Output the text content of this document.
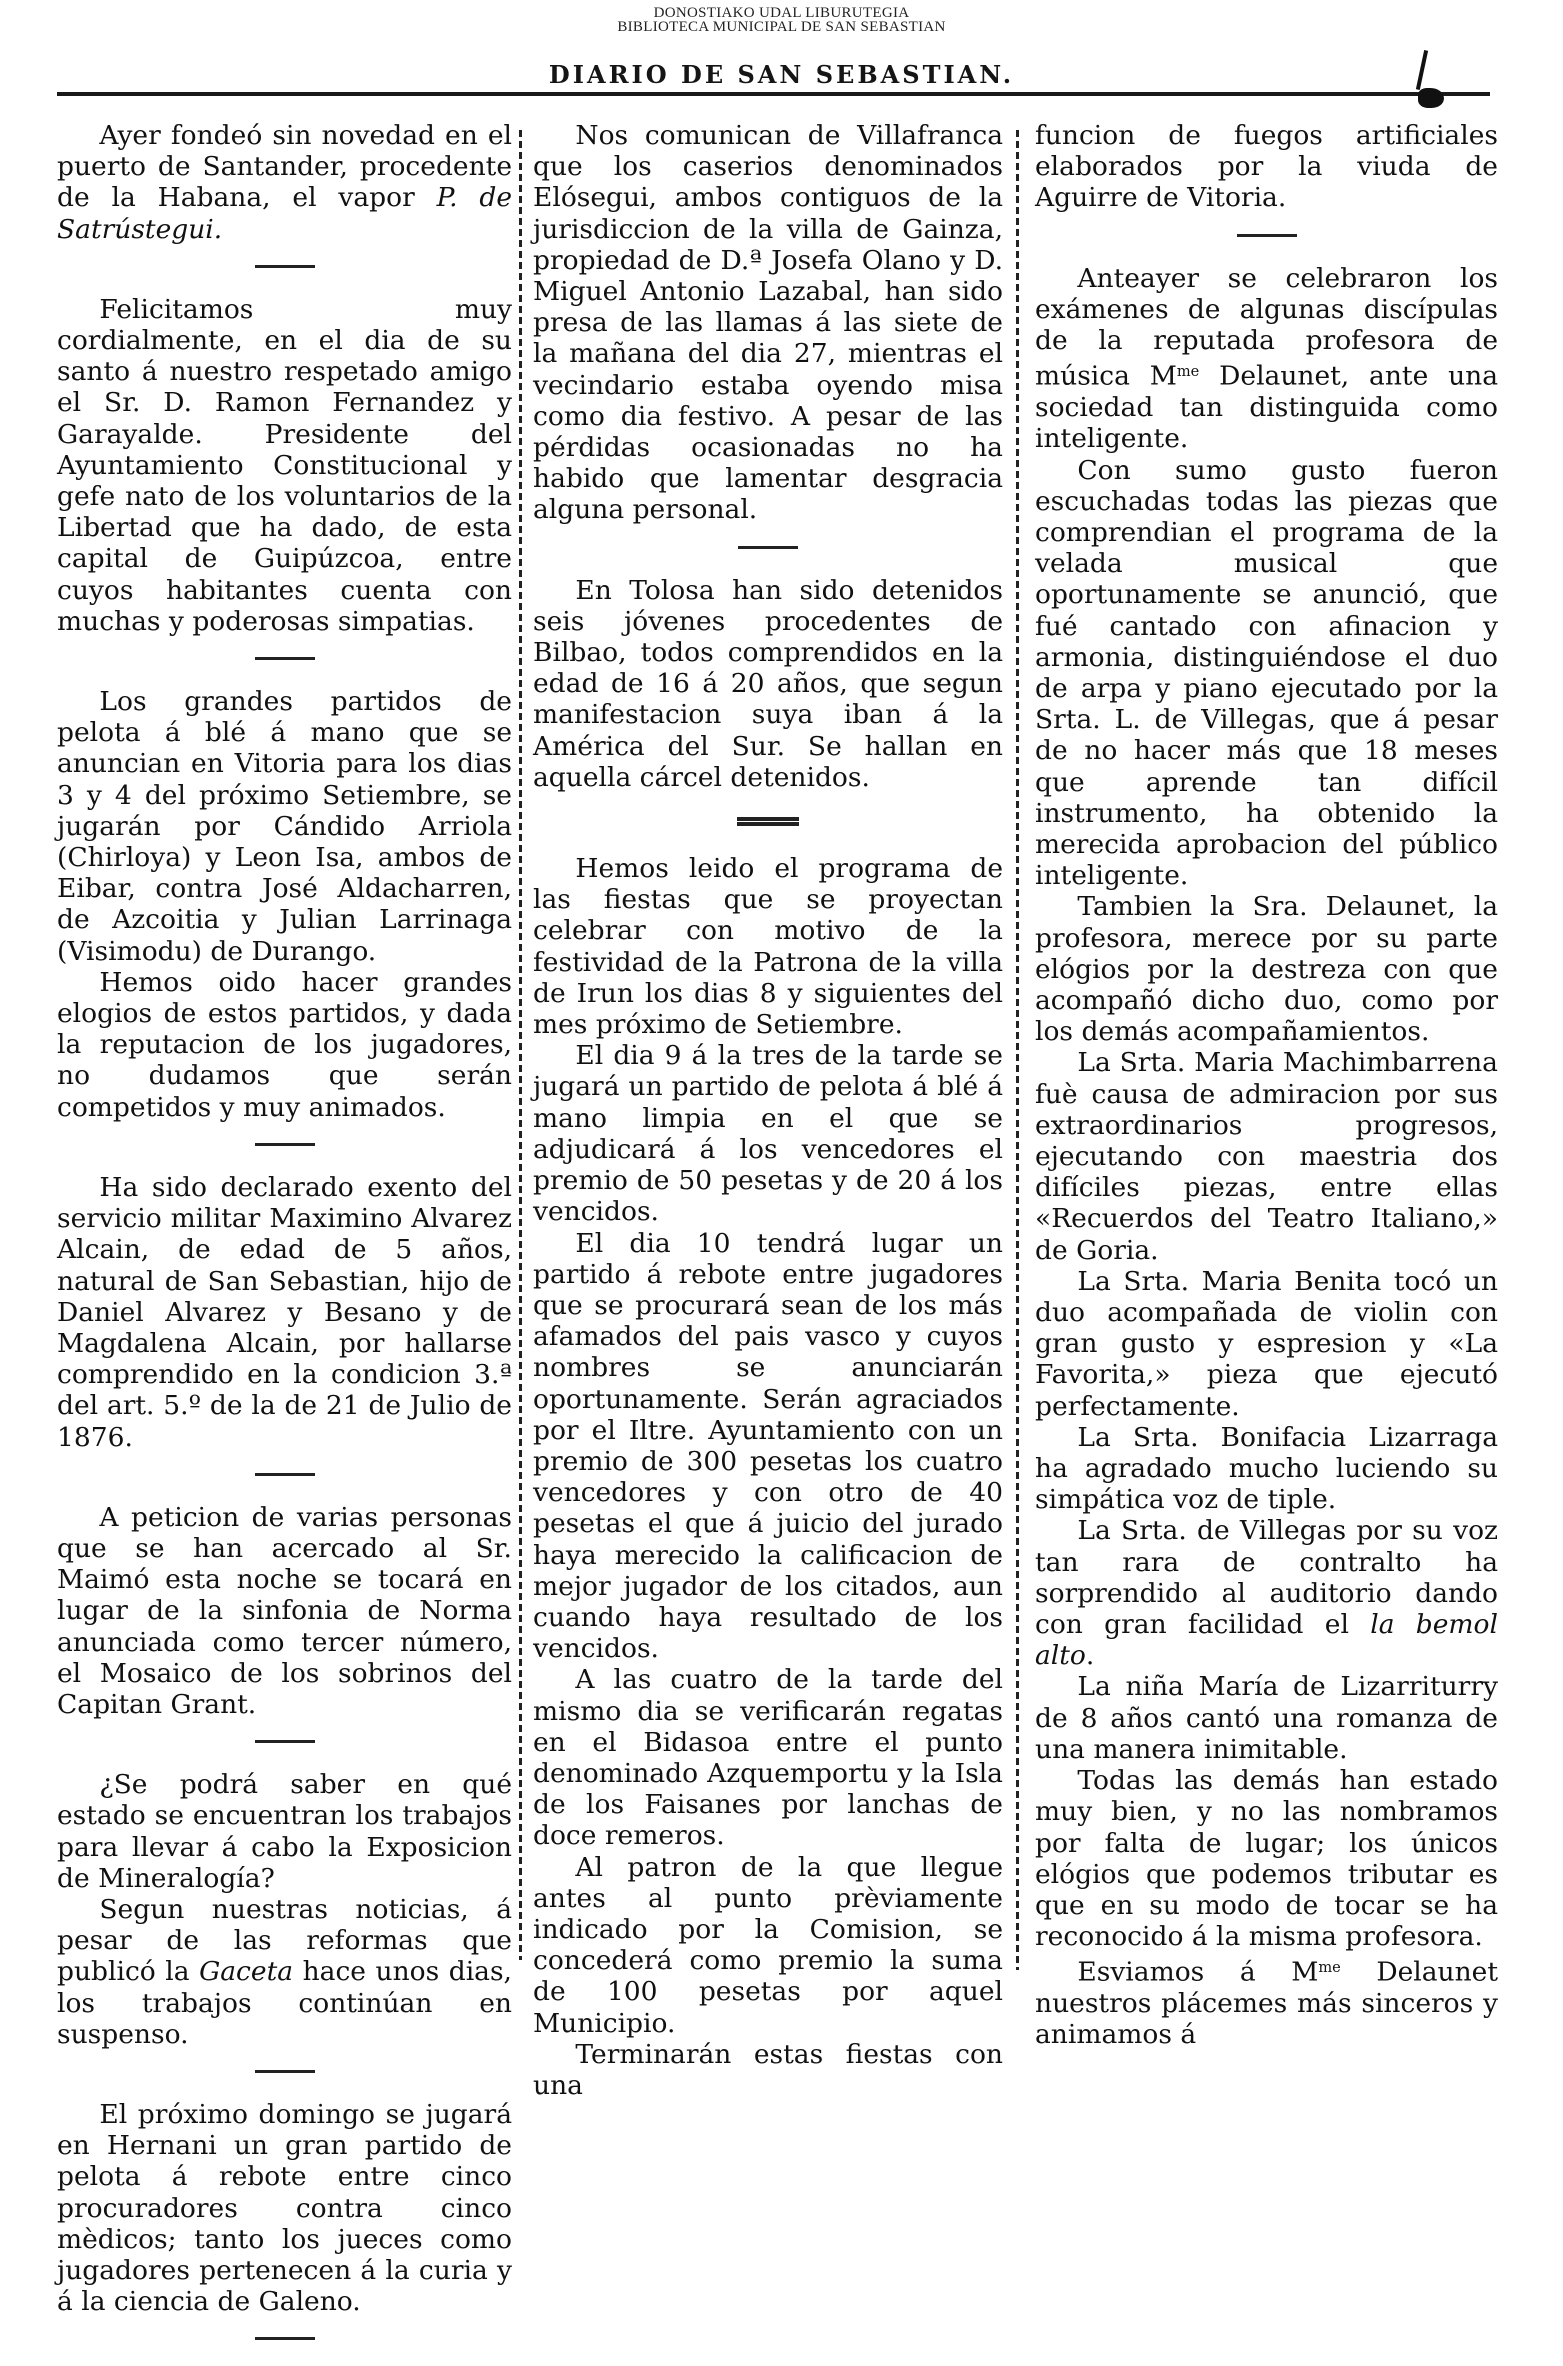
DONOSTIAKO UDAL LIBURUTEGIA
BIBLIOTECA MUNICIPAL DE SAN SEBASTIAN
DIARIO DE SAN SEBASTIAN.

Ayer fondeó sin novedad en el puerto de Santander, procedente de la Habana, el vapor P. de Satrústegui.

Felicitamos muy cordialmente, en el dia de su santo á nuestro respetado amigo el Sr. D. Ramon Fernandez y Garayalde. Presidente del Ayuntamiento Constitucional y gefe nato de los voluntarios de la Libertad que ha dado, de esta capital de Guipúzcoa, entre cuyos habitantes cuenta con muchas y poderosas simpatias.

Los grandes partidos de pelota á blé á mano que se anuncian en Vitoria para los dias 3 y 4 del próximo Setiembre, se jugarán por Cándido Arriola (Chirloya) y Leon Isa, ambos de Eibar, contra José Aldacharren, de Azcoitia y Julian Larrinaga (Visimodu) de Durango.

Hemos oido hacer grandes elogios de estos partidos, y dada la reputacion de los jugadores, no dudamos que serán competidos y muy animados.

Ha sido declarado exento del servicio militar Maximino Alvarez Alcain, de edad de 5 años, natural de San Sebastian, hijo de Daniel Alvarez y Besano y de Magdalena Alcain, por hallarse comprendido en la condicion 3.ª del art. 5.º de la de 21 de Julio de 1876.

A peticion de varias personas que se han acercado al Sr. Maimó esta noche se tocará en lugar de la sinfonia de Norma anunciada como tercer número, el Mosaico de los sobrinos del Capitan Grant.

¿Se podrá saber en qué estado se encuentran los trabajos para llevar á cabo la Exposicion de Mineralogía?

Segun nuestras noticias, á pesar de las reformas que publicó la Gaceta hace unos dias, los trabajos continúan en suspenso.

El próximo domingo se jugará en Hernani un gran partido de pelota á rebote entre cinco procuradores contra cinco mèdicos; tanto los jueces como jugadores pertenecen á la curia y á la ciencia de Galeno.

Nos comunican de Villafranca que los caserios denominados Elósegui, ambos contiguos de la jurisdiccion de la villa de Gainza, propiedad de D.ª Josefa Olano y D. Miguel Antonio Lazabal, han sido presa de las llamas á las siete de la mañana del dia 27, mientras el vecindario estaba oyendo misa como dia festivo. A pesar de las pérdidas ocasionadas no ha habido que lamentar desgracia alguna personal.

En Tolosa han sido detenidos seis jóvenes procedentes de Bilbao, todos comprendidos en la edad de 16 á 20 años, que segun manifestacion suya iban á la América del Sur. Se hallan en aquella cárcel detenidos.

Hemos leido el programa de las fiestas que se proyectan celebrar con motivo de la festividad de la Patrona de la villa de Irun los dias 8 y siguientes del mes próximo de Setiembre.

El dia 9 á la tres de la tarde se jugará un partido de pelota á blé á mano limpia en el que se adjudicará á los vencedores el premio de 50 pesetas y de 20 á los vencidos.

El dia 10 tendrá lugar un partido á rebote entre jugadores que se procurará sean de los más afamados del pais vasco y cuyos nombres se anunciarán oportunamente. Serán agraciados por el Iltre. Ayuntamiento con un premio de 300 pesetas los cuatro vencedores y con otro de 40 pesetas el que á juicio del jurado haya merecido la calificacion de mejor jugador de los citados, aun cuando haya resultado de los vencidos.

A las cuatro de la tarde del mismo dia se verificarán regatas en el Bidasoa entre el punto denominado Azquemportu y la Isla de los Faisanes por lanchas de doce remeros.

Al patron de la que llegue antes al punto prèviamente indicado por la Comision, se concederá como premio la suma de 100 pesetas por aquel Municipio.

Terminarán estas fiestas con una

funcion de fuegos artificiales elaborados por la viuda de Aguirre de Vitoria.

Anteayer se celebraron los exámenes de algunas discípulas de la reputada profesora de música $M^{me}$ Delaunet, ante una sociedad tan distinguida como inteligente.

Con sumo gusto fueron escuchadas todas las piezas que comprendian el programa de la velada musical que oportunamente se anunció, que fué cantado con afinacion y armonia, distinguiéndose el duo de arpa y piano ejecutado por la Srta. L. de Villegas, que á pesar de no hacer más que 18 meses que aprende tan difícil instrumento, ha obtenido la merecida aprobacion del público inteligente.

Tambien la Sra. Delaunet, la profesora, merece por su parte elógios por la destreza con que acompañó dicho duo, como por los demás acompañamientos.

La Srta. Maria Machimbarrena fuè causa de admiracion por sus extraordinarios progresos, ejecutando con maestria dos difíciles piezas, entre ellas «Recuerdos del Teatro Italiano,» de Goria.

La Srta. Maria Benita tocó un duo acompañada de violin con gran gusto y espresion y «La Favorita,» pieza que ejecutó perfectamente.

La Srta. Bonifacia Lizarraga ha agradado mucho luciendo su simpática voz de tiple.

La Srta. de Villegas por su voz tan rara de contralto ha sorprendido al auditorio dando con gran facilidad el la bemol alto.

La niña María de Lizarriturry de 8 años cantó una romanza de una manera inimitable.

Todas las demás han estado muy bien, y no las nombramos por falta de lugar; los únicos elógios que podemos tributar es que en su modo de tocar se ha reconocido á la misma profesora.

Esviamos á $M^{me}$ Delaunet nuestros plácemes más sinceros y animamos á
